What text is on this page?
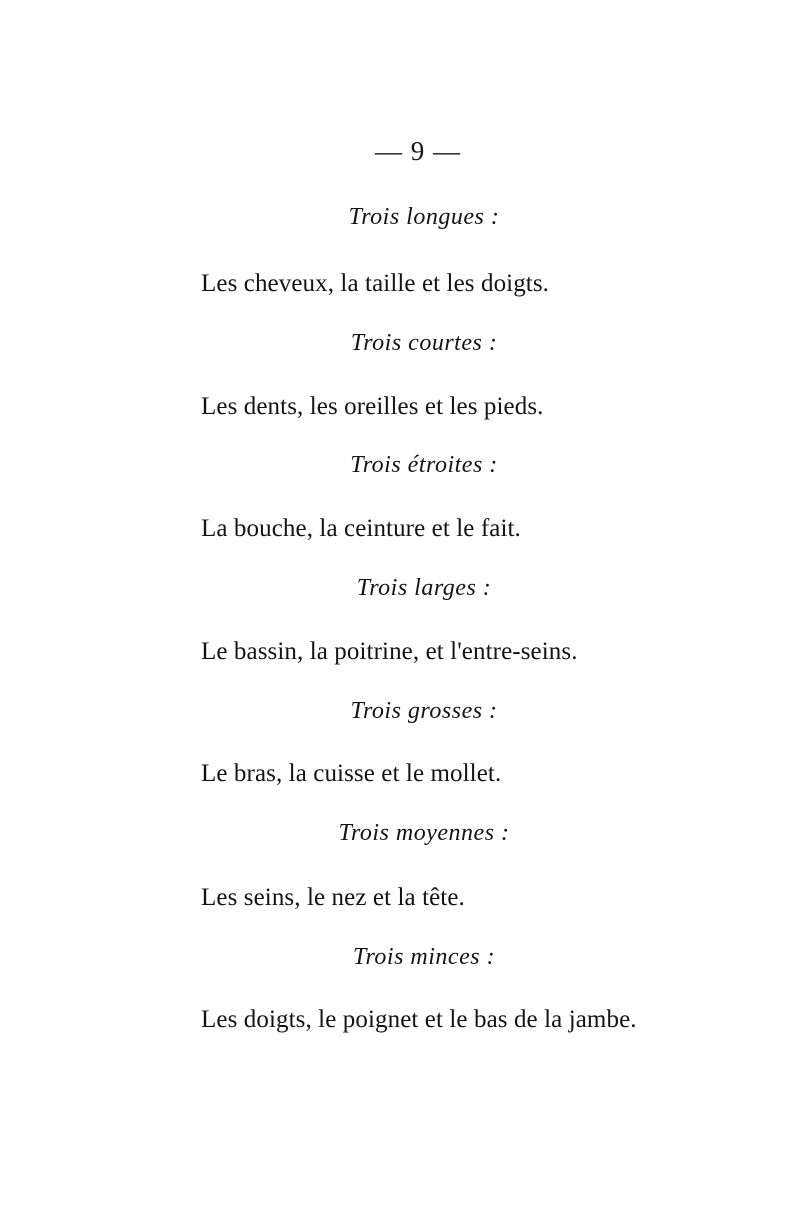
— 9 —
Trois longues :
Les cheveux, la taille et les doigts.
Trois courtes :
Les dents, les oreilles et les pieds.
Trois étroites :
La bouche, la ceinture et le fait.
Trois larges :
Le bassin, la poitrine, et l'entre-seins.
Trois grosses :
Le bras, la cuisse et le mollet.
Trois moyennes :
Les seins, le nez et la tête.
Trois minces :
Les doigts, le poignet et le bas de la jambe.
